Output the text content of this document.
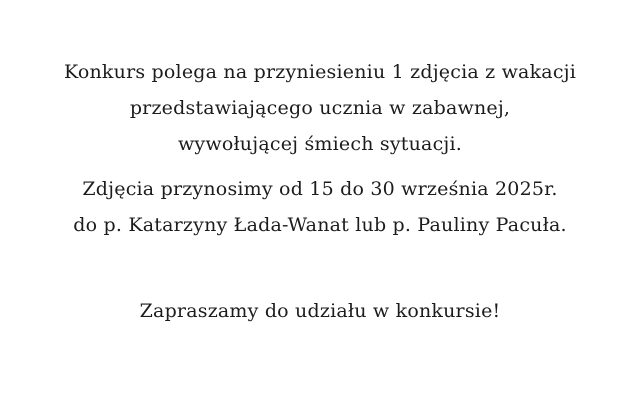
Konkurs polega na przyniesieniu 1 zdjęcia z wakacji
przedstawiającego ucznia w zabawnej,
wywołującej śmiech sytuacji.
Zdjęcia przynosimy od 15 do 30 września 2025r.
do p. Katarzyny Łada-Wanat lub p. Pauliny Pacuła.
Zapraszamy do udziału w konkursie!
